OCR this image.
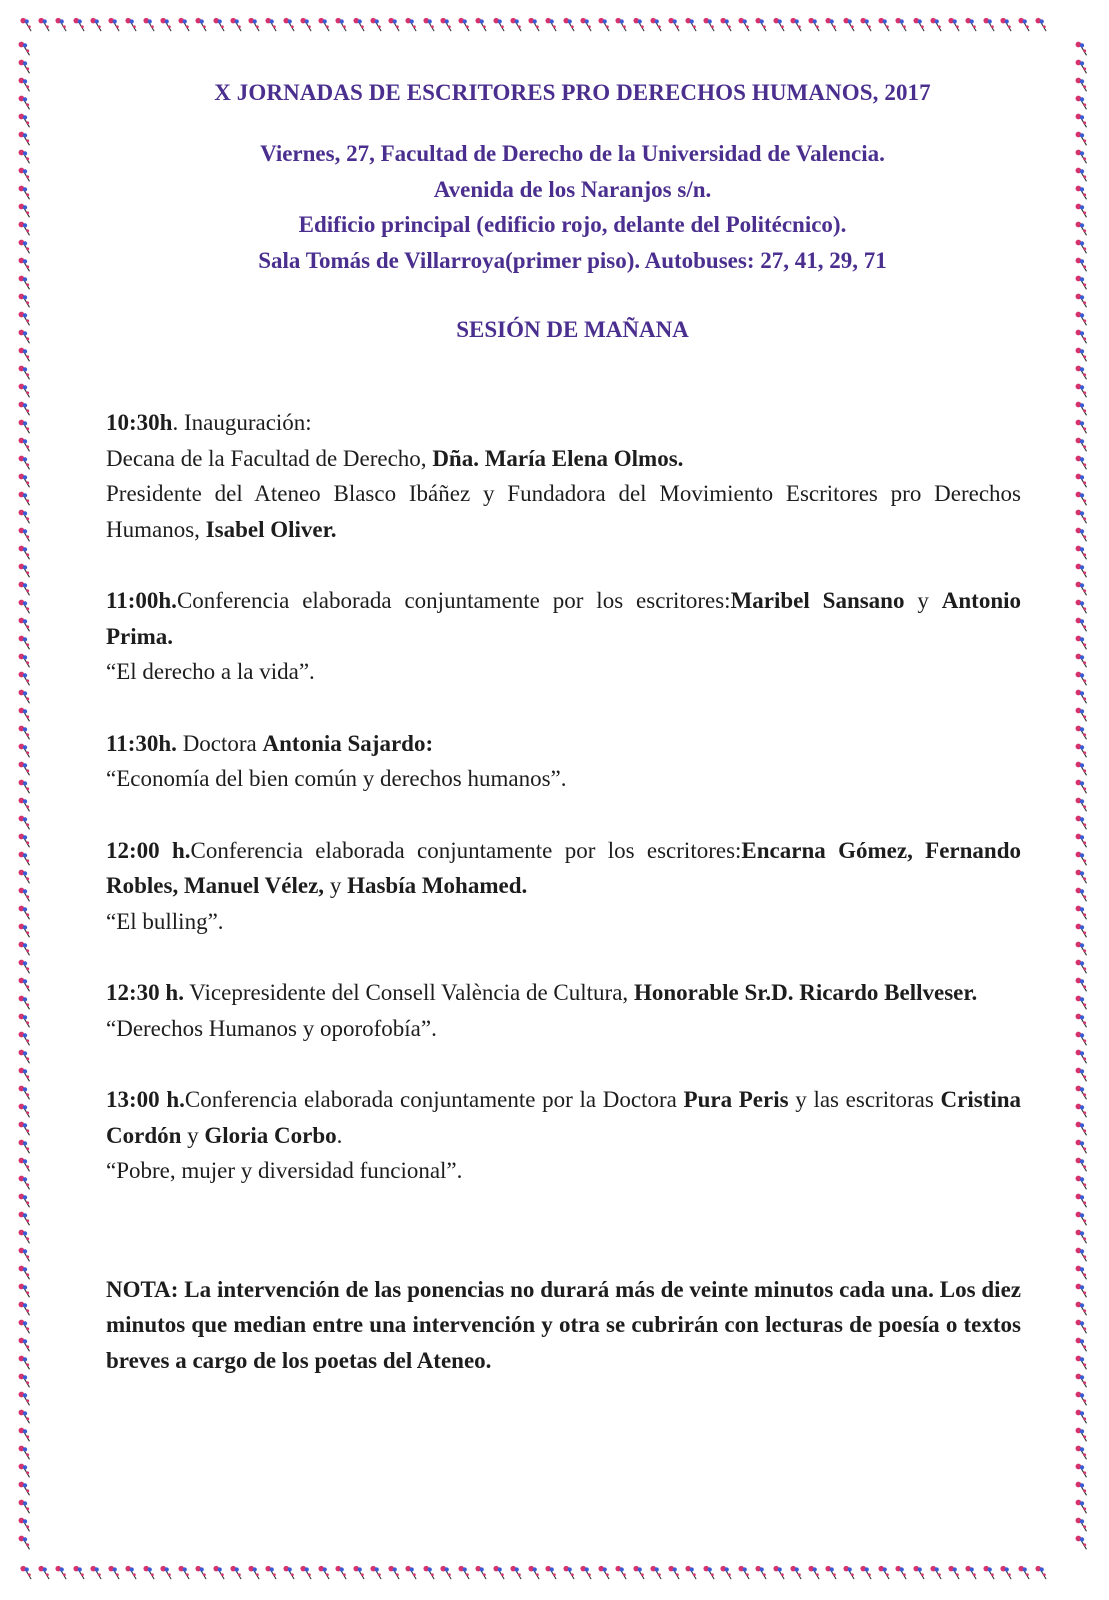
X JORNADAS DE ESCRITORES PRO DERECHOS HUMANOS, 2017
Viernes, 27, Facultad de Derecho de la Universidad de Valencia.
Avenida de los Naranjos s/n.
Edificio principal (edificio rojo, delante del Politécnico).
Sala Tomás de Villarroya(primer piso). Autobuses: 27, 41, 29, 71
SESIÓN DE MAÑANA
10:30h. Inauguración:
Decana de la Facultad de Derecho, Dña. María Elena Olmos.
Presidente del Ateneo Blasco Ibáñez y Fundadora del Movimiento Escritores pro Derechos Humanos, Isabel Oliver.
11:00h.Conferencia elaborada conjuntamente por los escritores:Maribel Sansano y Antonio Prima.
“El derecho a la vida”.
11:30h. Doctora Antonia Sajardo:
“Economía del bien común y derechos humanos”.
12:00 h.Conferencia elaborada conjuntamente por los escritores:Encarna Gómez, Fernando Robles, Manuel Vélez, y Hasbía Mohamed.
“El bulling”.
12:30 h. Vicepresidente del Consell València de Cultura, Honorable Sr.D. Ricardo Bellveser.
“Derechos Humanos y oporofobía”.
13:00 h.Conferencia elaborada conjuntamente por la Doctora Pura Peris y las escritoras Cristina Cordón y Gloria Corbo.
“Pobre, mujer y diversidad funcional”.
NOTA: La intervención de las ponencias no durará más de veinte minutos cada una. Los diez minutos que median entre una intervención y otra se cubrirán con lecturas de poesía o textos breves a cargo de los poetas del Ateneo.
